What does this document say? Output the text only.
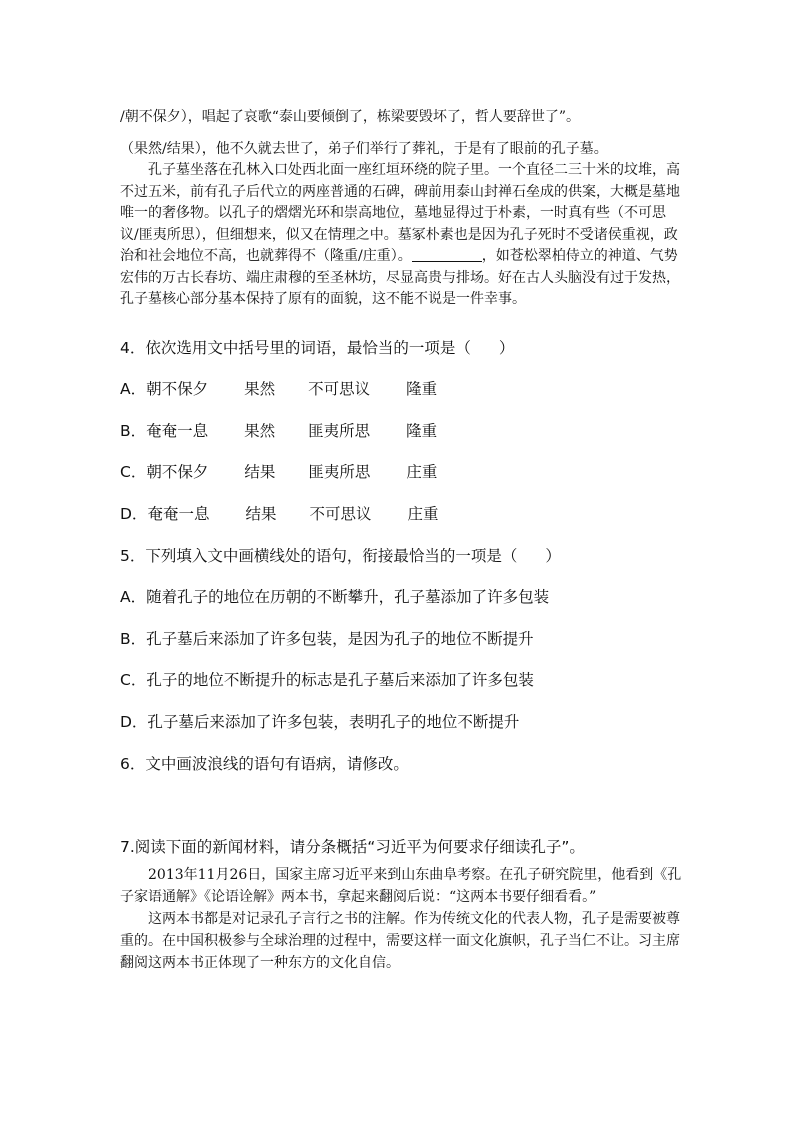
/朝不保夕），唱起了哀歌“泰山要倾倒了，栋梁要毁坏了，哲人要辞世了”。

（果然/结果），他不久就去世了，弟子们举行了葬礼，于是有了眼前的孔子墓。

孔子墓坐落在孔林入口处西北面一座红垣环绕的院子里。一个直径二三十米的坟堆，高不过五米，前有孔子后代立的两座普通的石碑，碑前用泰山封禅石垒成的供案，大概是墓地唯一的奢侈物。以孔子的熠熠光环和崇高地位，墓地显得过于朴素，一时真有些（不可思议/匪夷所思），但细想来，似又在情理之中。墓冢朴素也是因为孔子死时不受诸侯重视，政治和社会地位不高，也就葬得不（隆重/庄重）。	，如苍松翠柏侍立的神道、气势宏伟的万古长春坊、端庄肃穆的至圣林坊，尽显高贵与排场。好在古人头脑没有过于发热，孔子墓核心部分基本保持了原有的面貌，这不能不说是一件幸事。

4．依次选用文中括号里的词语，最恰当的一项是（ ）
A．朝不保夕 果然 不可思议 隆重
B．奄奄一息 果然 匪夷所思 隆重
C．朝不保夕 结果 匪夷所思 庄重
D．奄奄一息 结果 不可思议 庄重
5．下列填入文中画横线处的语句，衔接最恰当的一项是（ ）
A．随着孔子的地位在历朝的不断攀升，孔子墓添加了许多包装
B．孔子墓后来添加了许多包装，是因为孔子的地位不断提升
C．孔子的地位不断提升的标志是孔子墓后来添加了许多包装
D．孔子墓后来添加了许多包装，表明孔子的地位不断提升
6．文中画波浪线的语句有语病，请修改。
7.阅读下面的新闻材料，请分条概括“习近平为何要求仔细读孔子”。

2013年11月26日，国家主席习近平来到山东曲阜考察。在孔子研究院里，他看到《孔子家语通解》《论语诠解》两本书，拿起来翻阅后说：“这两本书要仔细看看。”

这两本书都是对记录孔子言行之书的注解。作为传统文化的代表人物，孔子是需要被尊重的。在中国积极参与全球治理的过程中，需要这样一面文化旗帜，孔子当仁不让。习主席翻阅这两本书正体现了一种东方的文化自信。
